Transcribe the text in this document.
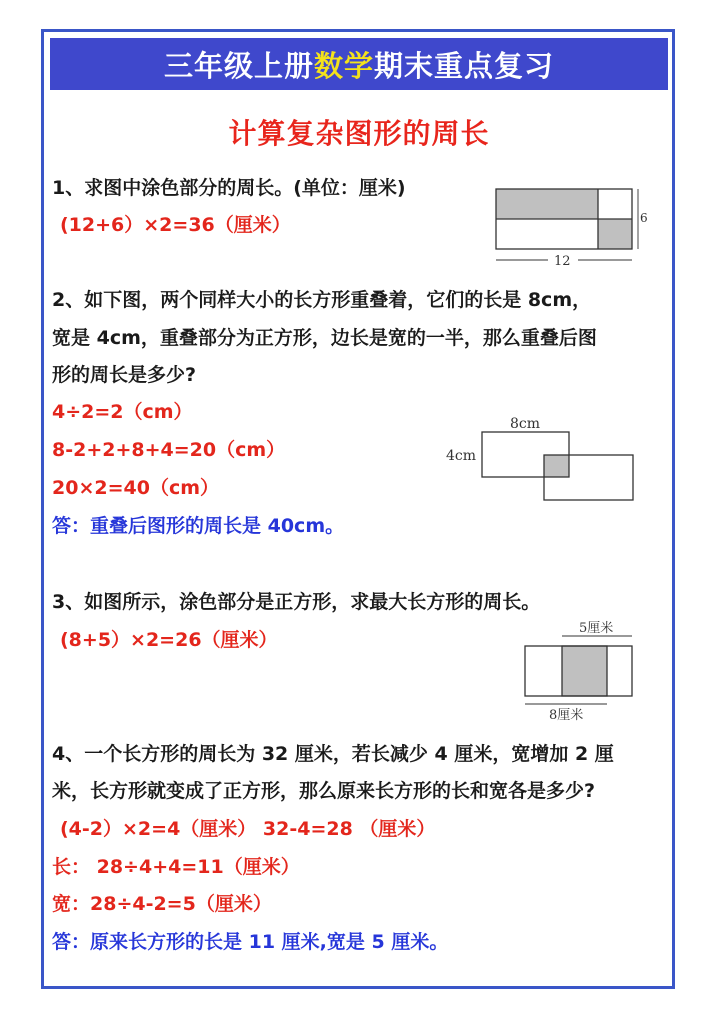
三年级上册 数学 期末重点复习
计算复杂图形的周长
1、求图中涂色部分的周长。(单位：厘米)
(12+6）×2=36（厘米）	6
12
2、如下图，两个同样大小的长方形重叠着，它们的长是 8cm，
宽是 4cm，重叠部分为正方形，边长是宽的一半，那么重叠后图
形的周长是多少?
4÷2=2（cm）
8-2+2+8+4=20（cm）
20×2=40（cm）
答：重叠后图形的周长是 40cm。
8cm
4cm
3、如图所示，涂色部分是正方形，求最大长方形的周长。
(8+5）×2=26（厘米）
5厘米
8厘米
4、一个长方形的周长为 32 厘米，若长减少 4 厘米，宽增加 2 厘
米，长方形就变成了正方形，那么原来长方形的长和宽各是多少?
(4-2）×2=4（厘米） 32-4=28 （厘米）
长： 28÷4+4=11（厘米）
宽：28÷4-2=5（厘米）
答：原来长方形的长是 11 厘米,宽是 5 厘米。
